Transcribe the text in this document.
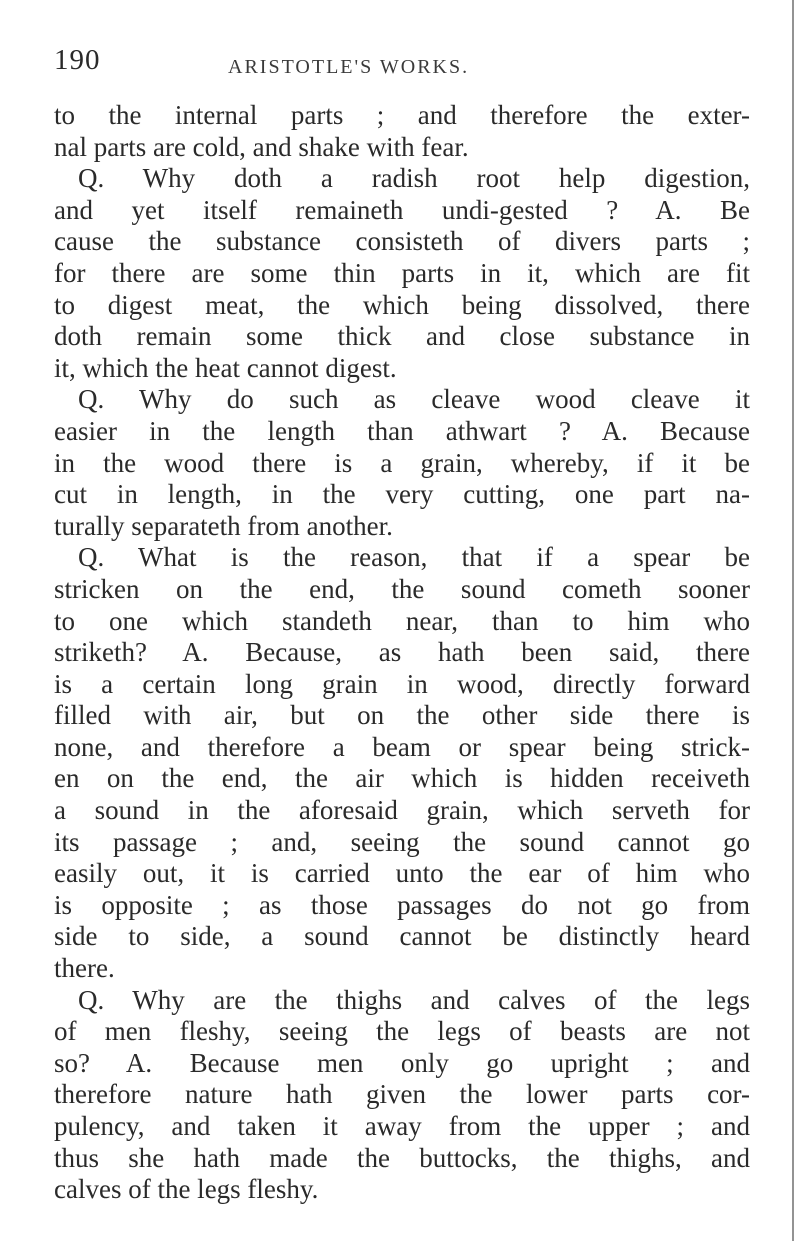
190	ARISTOTLE'S WORKS.
to the internal parts ; and therefore the exter-
nal parts are cold, and shake with fear.
Q. Why doth a radish root help digestion,
and yet itself remaineth undi-gested ? A. Be
cause the substance consisteth of divers parts ;
for there are some thin parts in it, which are fit
to digest meat, the which being dissolved, there
doth remain some thick and close substance in
it, which the heat cannot digest.
Q. Why do such as cleave wood cleave it
easier in the length than athwart ? A. Because
in the wood there is a grain, whereby, if it be
cut in length, in the very cutting, one part na-
turally separateth from another.
Q. What is the reason, that if a spear be
stricken on the end, the sound cometh sooner
to one which standeth near, than to him who
striketh? A. Because, as hath been said, there
is a certain long grain in wood, directly forward
filled with air, but on the other side there is
none, and therefore a beam or spear being strick-
en on the end, the air which is hidden receiveth
a sound in the aforesaid grain, which serveth for
its passage ; and, seeing the sound cannot go
easily out, it is carried unto the ear of him who
is opposite ; as those passages do not go from
side to side, a sound cannot be distinctly heard
there.
Q. Why are the thighs and calves of the legs
of men fleshy, seeing the legs of beasts are not
so? A. Because men only go upright ; and
therefore nature hath given the lower parts cor-
pulency, and taken it away from the upper ; and
thus she hath made the buttocks, the thighs, and
calves of the legs fleshy.
